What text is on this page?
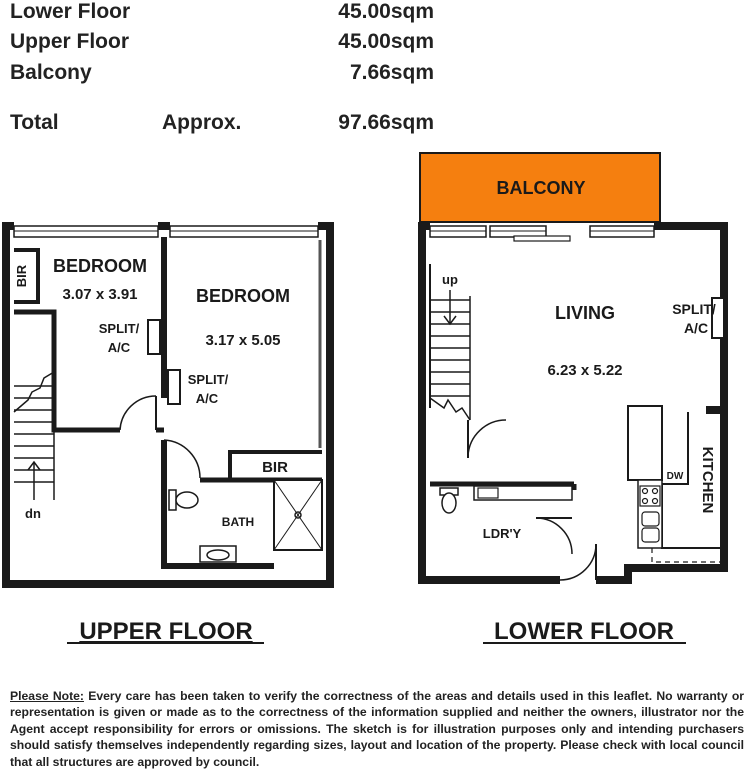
Lower Floor	45.00sqm
Upper Floor	45.00sqm
Balcony	7.66sqm
Total	Approx.	97.66sqm
BIR BEDROOM
3.07 x 3.91	BEDROOM
3.17 x 5.05
SPLIT/
A/C
SPLIT/
A/C
BIR
BATH
dn
UPPER FLOOR
BALCONY
up
LIVING
6.23 x 5.22
SPLIT/
A/C
KITCHEN
DW
LDR'Y
LOWER FLOOR
Please Note: Every care has been taken to verify the correctness of the areas and details used in this leaflet. No warranty or representation is given or made as to the correctness of the information supplied and neither the owners, illustrator nor the Agent accept responsibility for errors or omissions. The sketch is for illustration purposes only and intending purchasers should satisfy themselves independently regarding sizes, layout and location of the property. Please check with local council that all structures are approved by council.
